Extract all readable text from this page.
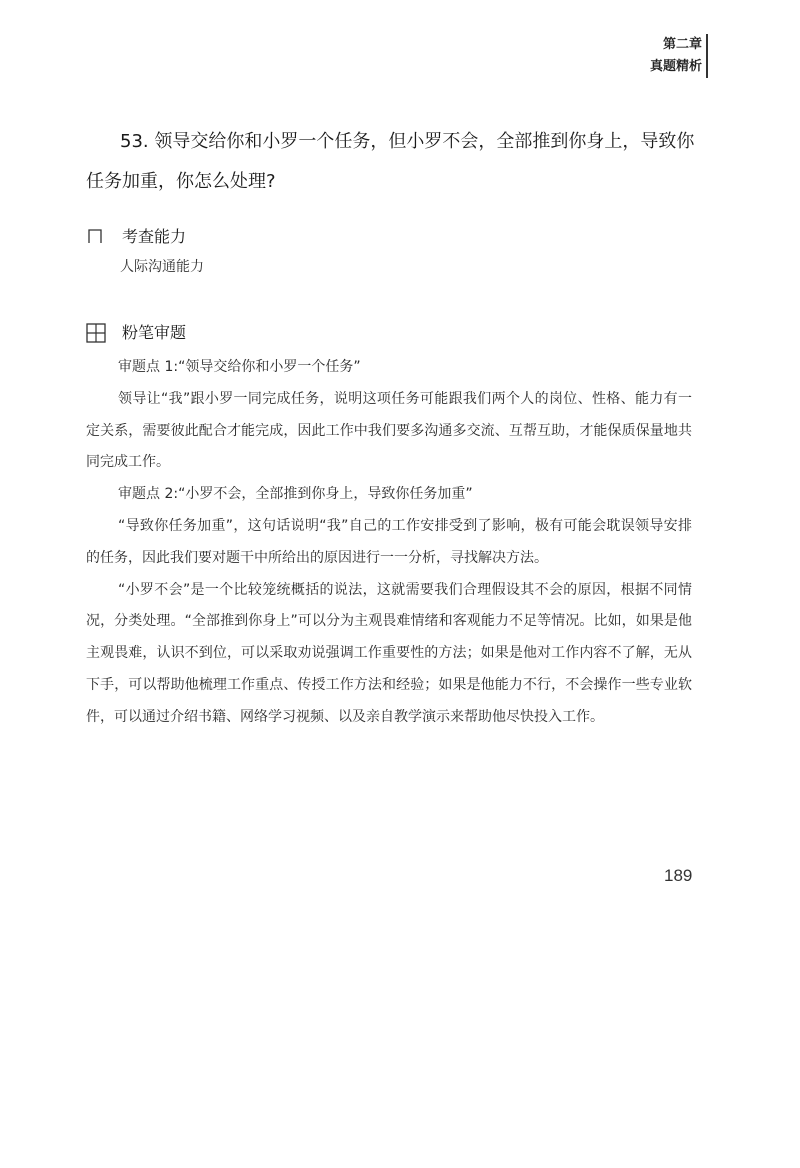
第二章
真题精析

53. 领导交给你和小罗一个任务，但小罗不会，全部推到你身上，导致你任务加重，你怎么处理?

考查能力
人际沟通能力
粉笔审题

审题点 1:“领导交给你和小罗一个任务”

领导让“我”跟小罗一同完成任务，说明这项任务可能跟我们两个人的岗位、性格、能力有一定关系，需要彼此配合才能完成，因此工作中我们要多沟通多交流、互帮互助，才能保质保量地共同完成工作。

审题点 2:“小罗不会，全部推到你身上，导致你任务加重”

“导致你任务加重”，这句话说明“我”自己的工作安排受到了影响，极有可能会耽误领导安排的任务，因此我们要对题干中所给出的原因进行一一分析，寻找解决方法。

“小罗不会”是一个比较笼统概括的说法，这就需要我们合理假设其不会的原因，根据不同情况，分类处理。“全部推到你身上”可以分为主观畏难情绪和客观能力不足等情况。比如，如果是他主观畏难，认识不到位，可以采取劝说强调工作重要性的方法；如果是他对工作内容不了解，无从下手，可以帮助他梳理工作重点、传授工作方法和经验；如果是他能力不行，不会操作一些专业软件，可以通过介绍书籍、网络学习视频、以及亲自教学演示来帮助他尽快投入工作。

189
